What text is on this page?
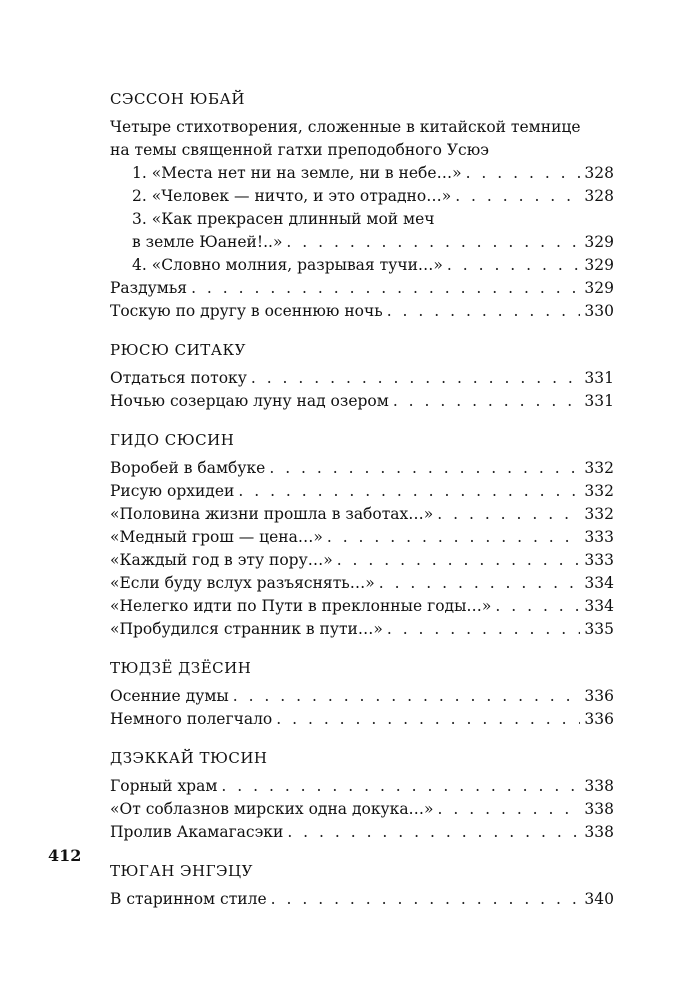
412
СЭССОН ЮБАЙ
Четыре стихотворения, сложенные в китайской темнице
на темы священной гатхи преподобного Усюэ
1. «Места нет ни на земле, ни в небе…» . . .	328
2. «Человек — ничто, и это отрадно…» . . .	328
3. «Как прекрасен длинный мой меч
в земле Юаней!..» . . .	329
4. «Словно молния, разрывая тучи…» . . .	329
Раздумья . . .	329
Тоскую по другу в осеннюю ночь . . .	330
РЮСЮ СИТАКУ
Отдаться потоку . . .	331
Ночью созерцаю луну над озером . . .	331
ГИДО СЮСИН
Воробей в бамбуке . . .	332
Рисую орхидеи . . .	332
«Половина жизни прошла в заботах…» . . .	332
«Медный грош — цена…» . . .	333
«Каждый год в эту пору…» . . .	333
«Если буду вслух разъяснять…» . . .	334
«Нелегко идти по Пути в преклонные годы…» . . .	334
«Пробудился странник в пути…» . . .	335
ТЮДЗЁ ДЗЁСИН
Осенние думы . . .	336
Немного полегчало . . .	336
ДЗЭККАЙ ТЮСИН
Горный храм . . .	338
«От соблазнов мирских одна докука…» . . .	338
Пролив Акамагасэки . . .	338
ТЮГАН ЭНГЭЦУ
В старинном стиле . . .	340
